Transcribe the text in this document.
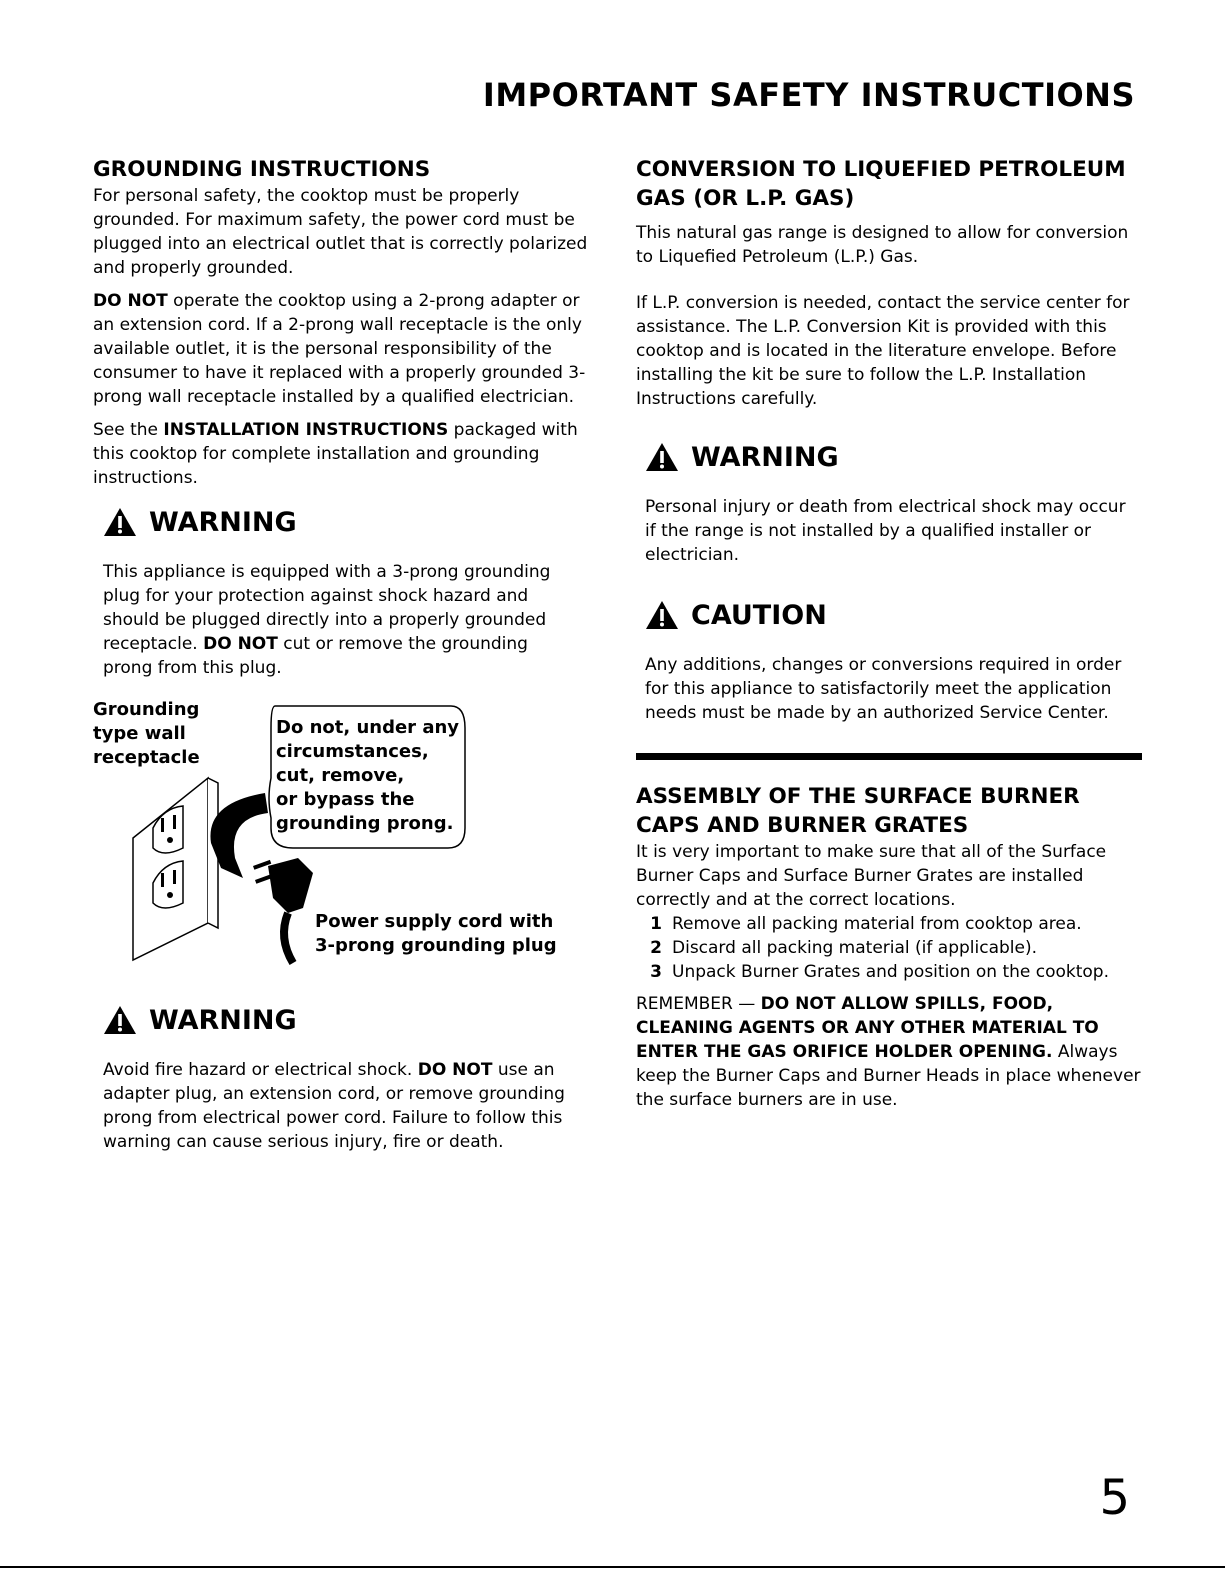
IMPORTANT SAFETY INSTRUCTIONS
GROUNDING INSTRUCTIONS

For personal safety, the cooktop must be properly grounded. For maximum safety, the power cord must be plugged into an electrical outlet that is correctly polarized and properly grounded.

DO NOT operate the cooktop using a 2-prong adapter or an extension cord. If a 2-prong wall receptacle is the only available outlet, it is the personal responsibility of the consumer to have it replaced with a properly grounded 3-prong wall receptacle installed by a qualified electrician.

See the INSTALLATION INSTRUCTIONS packaged with this cooktop for complete installation and grounding instructions.

WARNING

This appliance is equipped with a 3-prong grounding plug for your protection against shock hazard and should be plugged directly into a properly grounded receptacle. DO NOT cut or remove the grounding prong from this plug.

Grounding
type wall
receptacle
Do not, under any
circumstances,
cut, remove,
or bypass the
grounding prong.
Power supply cord with
3-prong grounding plug
WARNING

Avoid fire hazard or electrical shock. DO NOT use an adapter plug, an extension cord, or remove grounding prong from electrical power cord. Failure to follow this warning can cause serious injury, fire or death.

CONVERSION TO LIQUEFIED PETROLEUM GAS (OR L.P. GAS)

This natural gas range is designed to allow for conversion to Liquefied Petroleum (L.P.) Gas.

If L.P. conversion is needed, contact the service center for assistance. The L.P. Conversion Kit is provided with this cooktop and is located in the literature envelope. Before installing the kit be sure to follow the L.P. Installation Instructions carefully.

WARNING

Personal injury or death from electrical shock may occur if the range is not installed by a qualified installer or electrician.

CAUTION

Any additions, changes or conversions required in order for this appliance to satisfactorily meet the application needs must be made by an authorized Service Center.

ASSEMBLY OF THE SURFACE BURNER CAPS AND BURNER GRATES

It is very important to make sure that all of the Surface Burner Caps and Surface Burner Grates are installed correctly and at the correct locations.

1 Remove all packing material from cooktop area.
2 Discard all packing material (if applicable).
3 Unpack Burner Grates and position on the cooktop.

REMEMBER — DO NOT ALLOW SPILLS, FOOD, CLEANING AGENTS OR ANY OTHER MATERIAL TO ENTER THE GAS ORIFICE HOLDER OPENING. Always keep the Burner Caps and Burner Heads in place whenever the surface burners are in use.

5
